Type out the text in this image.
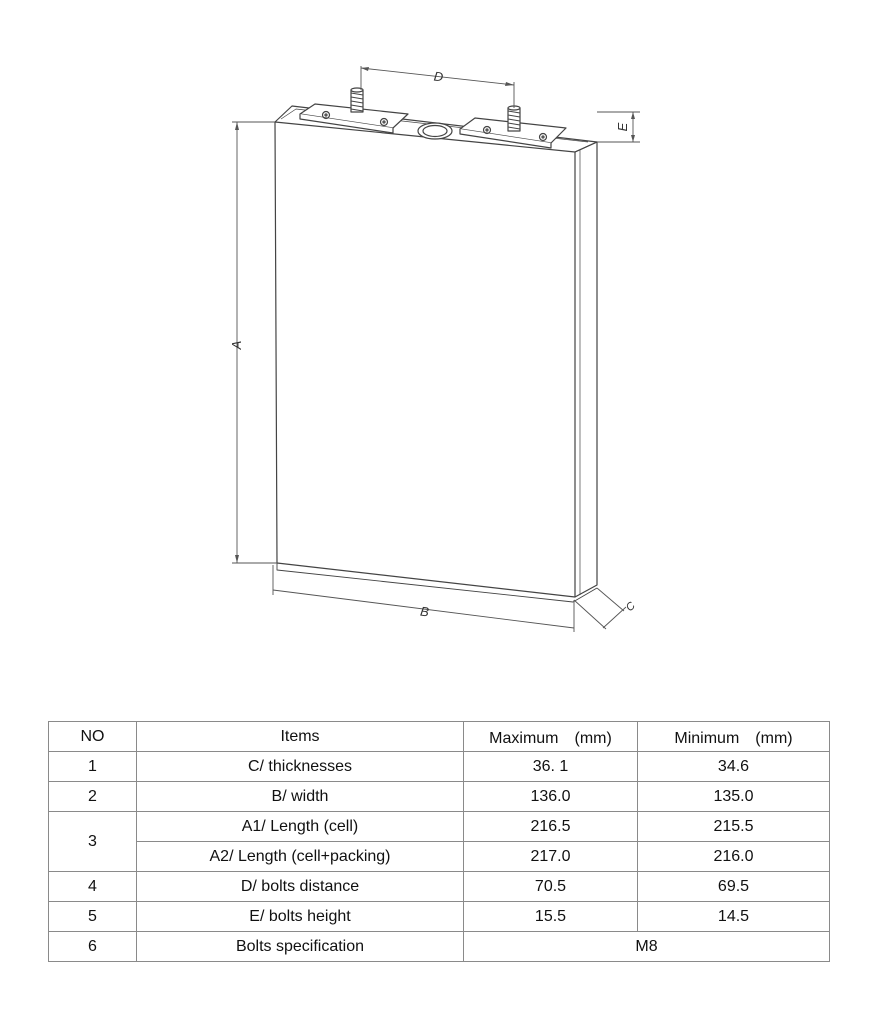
A
B	C
D
E
NO	Items	Maximum　(mm)	Minimum　(mm)
1	C/ thicknesses	36. 1	34.6
2	B/ width	136.0	135.0
3	A1/ Length (cell)	216.5	215.5
	A2/ Length (cell+packing)	217.0	216.0
4	D/ bolts distance	70.5	69.5
5	E/ bolts height	15.5	14.5
6	Bolts specification	M8	
